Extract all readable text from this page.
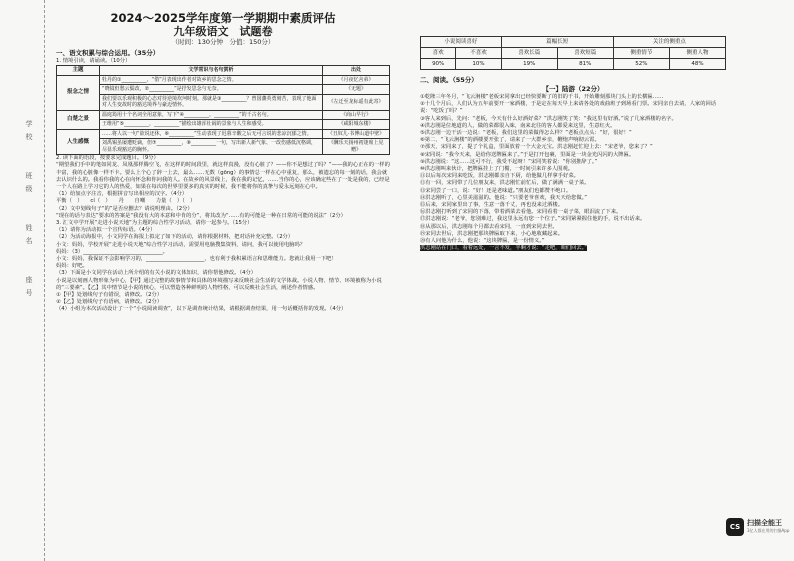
学校　　班级　　姓名　　座号
2024～2025学年度第一学期期中素质评估
九年级语文　试题卷
（时间：130分钟　分值：150分）
一、语文积累与综合运用。（35分）

1. 情境引读，请诵读。（10分）

主题	文学常识与名句赏析	出处
报念之情	牡丹的①__________，“借”月表现出作者对故乡的思念之情。	《月夜忆舍弟》
	“晓镜但愁云鬓改，②__________”是抒发思念与无奈。	《无题》
	我们要以乐观积极的心态对待逆境坎坷时刻。那就是③__________？曾国藩英勇刻苦，表现了他面对人生变故时的豁达境界与豪迈情怀。	《左迁至龙标遥有此寄》
白楚之景	温庭筠用十个名词全用意象，写下“④__________，__________”的千古名句。	《商山早行》
	王维用“⑤__________，__________”描绘出雄浑壮阔的景象与人生和感受。	《咸阳城东楼》
人生感慨	……将人以一句“欲说还休，⑥__________”生动表现了迟暮辛酸之后无可言说的悲凉沉郁之情。	《丑奴儿·书博山道中壁》
	刘禹锡虽屡遭贬谪，但⑦__________，⑧__________一句，写出新人新气象、一改伤感低沉格调，尽显乐观豁达的胸怀。	《酬乐天扬州初逢席上见赠》

2. 读下面的语段，按要求完成题目。（9分）

“期望我们手中的笔如同龙、凤凰那样腾空飞，在这样的时间段里，就这样真漫，没有心脏了？——你不是想过了吗？”——我的心正在的一样的丰富，我的心脏像一样不卡。要么上个心了辞一上去，最么……无数（gōng）的事情总一样在心中重复，那么，被遗忘的每一刻的话，我会就去认识什么的。我看你我的心在向怀念和你问我的人。在故乡的风景线上，我在我的记忆，……当你的心，应该确定些在了一处是我的，已经是一个人在路上学习它的人的热爱，如果在每次的世界里要多的真实的时候，我不能将你的真挚与爱永远刻在心中。

（1）给加点字注音，根据拼音写出相应的汉字。（4分）

平衡（　）　　cí（　）　　丹　　自嘲　　力量（　）（　）

（2）文中划线句子“的”是否应删去？请说明理由。（2分）

“现在的话与表达”要求的答案是“我没有大的本意和中肯的分”，将其改为“……有的可能是一种在日常的可能的说法”（2分）

3. 汇文中学开展“走进小说天地”为主题的综合性学习活动，请你一起参与。（15分）

（1）请你为活动拟一个宣传标语。（4分）

（2）为活动海报中，小文同学在海报上拟定了如下的活动，请你根据材料，把对话补充完整。（2分）

小文：妈妈，学校开展“走进小说天地”综合性学习活动，需要用电脑搜集资料，请问，我可以使用电脑吗？

妈妈：（3）______________________________。

小文：妈妈，我保证不会影响学习的，______________________，也有利于我积累语言和思维能力。您就让我用一下吧！

妈妈：好吧。

（3）下面是小文同学在活动上所介绍的有关小说的文体知识，请你帮他修改。（4分）

小说是以刻画人物形象为中心，【甲】通过完整的故事情节和具体的环境描写来反映社会生活的文学体裁。小说人物、情节、环境被称为小说的“三要素”。【乙】其中情节是小说的核心，可以塑造各种鲜明的人物性格，可以反映社会生活，阐述作者情感。

①【甲】处划线句子有错误，请修改。（2分）

②【乙】处划线句子有语病，请修改。（2分）

（4）小组为本次活动设计了一个“小说阅读调查”，以下是调查统计结果，请根据调查结果，用一句话概括你的发现。（4分）

小说阅读喜好		篇幅长短		关注的侧重点	
喜欢	不喜欢	喜欢长篇	喜欢短篇	侧重情节	侧重人物
90%	10%	19%	81%	52%	48%
二、阅读。（55分）
【一】陆游（22分）

①乾隆三年冬月，“飞云涧楼”老板宋同拿出已经快要断了的旧的千书，开始雕刻那块门头上的长横匾……

②十几个月后，人们认为五年前要开一家酒楼，于是定在每天早上来请各处的戏曲班子到场看门票。宋同亲自去请，人家的回话说：“吃饭了吗？”

③客人来到后，先问：“老板，今天有什么好酒好菜？”洪志刚笑了笑：“我这里有好酒。”说了几家酒楼的名字。

④洪志刚是位地道的人，做的菜都很入味，南来北往的客人都爱来这里，生意红火。

⑤洪志刚一边干活一边说：“老板，我们这里的菜做得怎么样？”老板点点头：“好，很好！”

⑥第二，“飞云涧楼”的酒楼要开张了，请来了一大群乡亲，鞭炮声响彻云霄。

⑦那天，宋同来了，提了个礼盒，里面放着一个大金元宝。洪志刚赶忙迎上去：“宋老爷，您来了？”

⑧宋同说：“我今天来，是给你送牌匾来了。”于是打开包裹，里面是一块金光闪闪的大牌匾。

⑨洪志刚说：“这……这可不行，我受不起呀！”宋同笑着说：“你别推辞了。”

⑩洪志刚叫来伙计，把牌匾挂上了门楣，一时间引来许多人围观。

⑪以后每次宋同来吃饭，洪志刚都亲自下厨，给他做几样拿手好菜。

⑫有一回，宋同带了几位朋友来，洪志刚忙前忙后，做了满满一桌子菜。

⑬宋同尝了一口，说：“好！还是老味道。”朋友们也都赞不绝口。

⑭洪志刚听了，心里美滋滋的。他说：“只要老爷喜欢，我天天给您做。”

⑮后来，宋同家里出了事，生意一落千丈，再也没来过酒楼。

⑯洪志刚打听到了宋同的下落，带着酒菜去看他。宋同看着一桌子菜，眼泪流了下来。

⑰洪志刚说：“老爷，您别难过，我这里永远有您一个位子。”宋同紧紧握住他的手，说不出话来。

⑱从那以后，洪志刚每个月都去看宋同，一直到宋同去世。

⑲宋同去世后，洪志刚把那块牌匾取下来，小心地收藏起来。

⑳有人问他为什么，他说：“这块牌匾，是一份情义。”

洪志刚站在门口，看着远处，一言不发，半晌才说：“走吧，咱们回去。”

CS 扫描全能王
3亿人都在用的扫描App
